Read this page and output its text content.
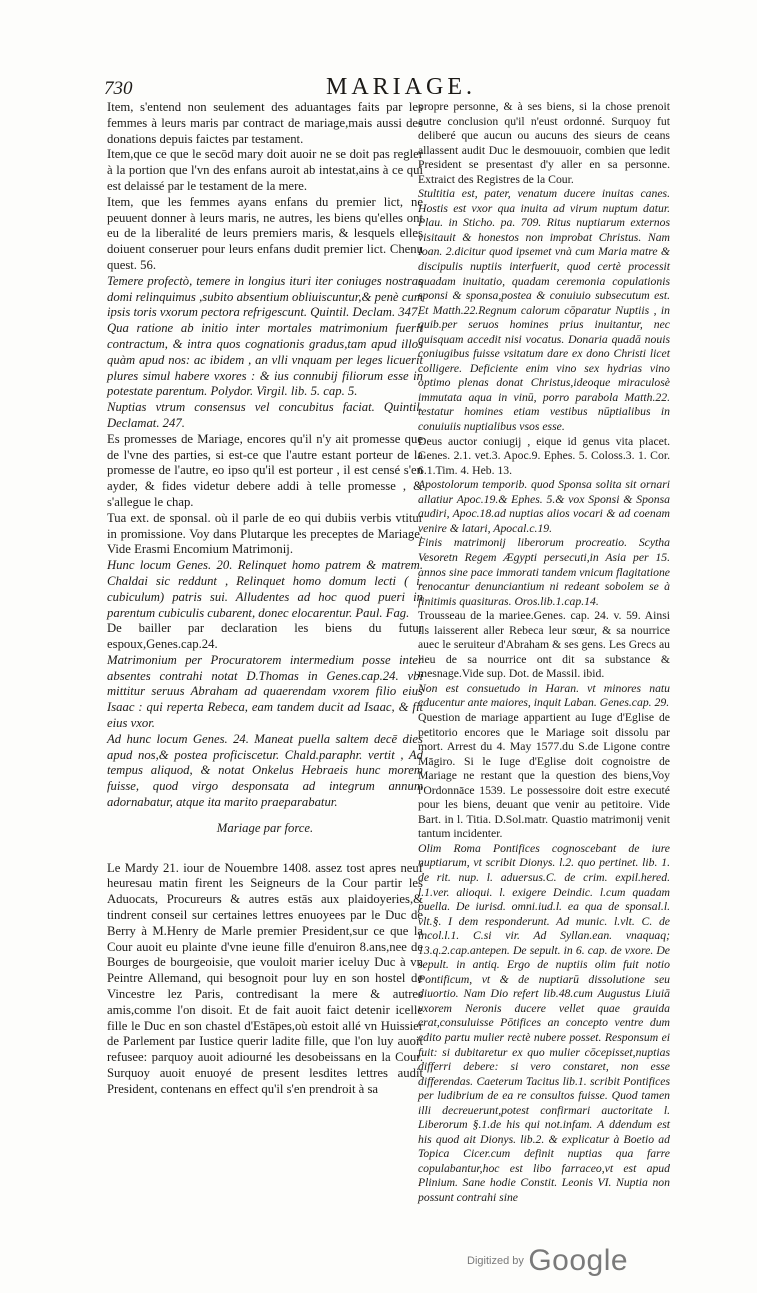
730	MARIAGE.

Item, s'entend non seulement des aduantages faits par les femmes à leurs maris par contract de mariage,mais aussi des donations depuis faictes par testament.

Item,que ce que le secōd mary doit auoir ne se doit pas regler à la portion que l'vn des enfans auroit ab intestat,ains à ce qui est delaissé par le testament de la mere.

Item, que les femmes ayans enfans du premier lict, ne peuuent donner à leurs maris, ne autres, les biens qu'elles ont eu de la liberalité de leurs premiers maris, & lesquels elles doiuent conseruer pour leurs enfans dudit premier lict. Chenu quest. 56.

Temere profectò, temere in longius ituri iter coniuges nostras domi relinquimus ,subito absentium obliuiscuntur,& penè cum ipsis toris vxorum pectora refrigescunt. Quintil. Declam. 347.

Qua ratione ab initio inter mortales matrimonium fuerit contractum, & intra quos cognationis gradus,tam apud illos quàm apud nos: ac ibidem , an vlli vnquam per leges licuerit plures simul habere vxores : & ius connubij filiorum esse in potestate parentum. Polydor. Virgil. lib. 5. cap. 5.

Nuptias vtrum consensus vel concubitus faciat. Quintil. Declamat. 247.

Es promesses de Mariage, encores qu'il n'y ait promesse que de l'vne des parties, si est-ce que l'autre estant porteur de la promesse de l'autre, eo ipso qu'il est porteur , il est censé s'en ayder, & fides videtur debere addi à telle promesse , & s'allegue le chap.

Tua ext. de sponsal. où il parle de eo qui dubiis verbis vtitur in promissione. Voy dans Plutarque les preceptes de Mariage. Vide Erasmi Encomium Matrimonij.

Hunc locum Genes. 20. Relinquet homo patrem & matrem. Chaldai sic reddunt , Relinquet homo domum lecti ( i. cubiculum) patris sui. Alludentes ad hoc quod pueri in parentum cubiculis cubarent, donec elocarentur. Paul. Fag.

De bailler par declaration les biens du futur espoux,Genes.cap.24.

Matrimonium per Procuratorem intermedium posse inter absentes contrahi notat D.Thomas in Genes.cap.24. vbi mittitur seruus Abraham ad quaerendam vxorem filio eius Isaac : qui reperta Rebeca, eam tandem ducit ad Isaac, & fit eius vxor.

Ad hunc locum Genes. 24. Maneat puella saltem decē dies apud nos,& postea proficiscetur. Chald.paraphr. vertit , Ad tempus aliquod, & notat Onkelus Hebraeis hunc morem fuisse, quod virgo desponsata ad integrum annum adornabatur, atque ita marito praeparabatur.

Mariage par force.

Le Mardy 21. iour de Nouembre 1408. assez tost apres neuf heuresau matin firent les Seigneurs de la Cour partir les Aduocats, Procureurs & autres estās aux plaidoyeries,& tindrent conseil sur certaines lettres enuoyees par le Duc de Berry à M.Henry de Marle premier President,sur ce que la Cour auoit eu plainte d'vne ieune fille d'enuiron 8.ans,nee de Bourges de bourgeoisie, que vouloit marier iceluy Duc à vn Peintre Allemand, qui besognoit pour luy en son hostel de Vincestre lez Paris, contredisant la mere & autres amis,comme l'on disoit. Et de fait auoit faict detenir icelle fille le Duc en son chastel d'Estāpes,où estoit allé vn Huissier de Parlement par Iustice querir ladite fille, que l'on luy auoit refusee: parquoy auoit adiourné les desobeissans en la Cour. Surquoy auoit enuoyé de present lesdites lettres audit President, contenans en effect qu'il s'en prendroit à sa

propre personne, & à ses biens, si la chose prenoit autre conclusion qu'il n'eust ordonné. Surquoy fut deliberé que aucun ou aucuns des sieurs de ceans allassent audit Duc le desmouuoir, combien que ledit President se presentast d'y aller en sa personne. Extraict des Registres de la Cour.

Stultitia est, pater, venatum ducere inuitas canes. Hostis est vxor qua inuita ad virum nuptum datur. Plau. in Sticho. pa. 709. Ritus nuptiarum externos visitauit & honestos non improbat Christus. Nam Ioan. 2.dicitur quod ipsemet vnà cum Maria matre & discipulis nuptiis interfuerit, quod certè processit quadam inuitatio, quadam ceremonia copulationis sponsi & sponsa,postea & conuiuio subsecutum est. Et Matth.22.Regnum calorum cōparatur Nuptiis , in quib.per seruos homines prius inuitantur, nec quisquam accedit nisi vocatus. Donaria quadā nouis coniugibus fuisse vsitatum dare ex dono Christi licet colligere. Deficiente enim vino sex hydrias vino optimo plenas donat Christus,ideoque miraculosè immutata aqua in vinū, porro parabola Matth.22. testatur homines etiam vestibus nūptialibus in conuiuiis nuptialibus vsos esse.

Deus auctor coniugij , eique id genus vita placet. Genes. 2.1. vet.3. Apoc.9. Ephes. 5. Coloss.3. 1. Cor. 6.1.Tim. 4. Heb. 13.

Apostolorum temporib. quod Sponsa solita sit ornari allatiur Apoc.19.& Ephes. 5.& vox Sponsi & Sponsa audiri, Apoc.18.ad nuptias alios vocari & ad coenam venire & latari, Apocal.c.19.

Finis matrimonij liberorum procreatio. Scytha Vesoretn Regem Ægypti persecuti,in Asia per 15. annos sine pace immorati tandem vnicum flagitatione renocantur denunciantium ni redeant sobolem se à finitimis quasituras. Oros.lib.1.cap.14.

Trousseau de la mariee.Genes. cap. 24. v. 59. Ainsi ils laisserent aller Rebeca leur sœur, & sa nourrice auec le seruiteur d'Abraham & ses gens. Les Grecs au lieu de sa nourrice ont dit sa substance & mesnage.Vide sup. Dot. de Massil. ibid.

Non est consuetudo in Haran. vt minores natu educentur ante maiores, inquit Laban. Genes.cap. 29.

Question de mariage appartient au Iuge d'Eglise de petitorio encores que le Mariage soit dissolu par mort. Arrest du 4. May 1577.du S.de Ligone contre Māgiro. Si le Iuge d'Eglise doit cognoistre de Mariage ne restant que la question des biens,Voy l'Ordonnāce 1539. Le possessoire doit estre executé pour les biens, deuant que venir au petitoire. Vide Bart. in l. Titia. D.Sol.matr. Quastio matrimonij venit tantum incidenter.

Olim Roma Pontifices cognoscebant de iure nuptiarum, vt scribit Dionys. l.2. quo pertinet. lib. 1. de rit. nup. l. aduersus.C. de crim. expil.hered. l.1.ver. alioqui. l. exigere Deindic. l.cum quadam puella. De iurisd. omni.iud.l. ea qua de sponsal.l. vlt.§. I dem responderunt. Ad munic. l.vlt. C. de incol.l.1. C.si vir. Ad Syllan.ean. vnaquaq; 13.q.2.cap.antepen. De sepult. in 6. cap. de vxore. De sepult. in antiq. Ergo de nuptiis olim fuit notio Pontificum, vt & de nuptiarū dissolutione seu diuortio. Nam Dio refert lib.48.cum Augustus Liuiā vxorem Neronis ducere vellet quae grauida erat,consuluisse Pōtifices an concepto ventre dum edito partu mulier rectè nubere posset. Responsum ei fuit: si dubitaretur ex quo mulier cōcepisset,nuptias differri debere: si vero constaret, non esse differendas. Caeterum Tacitus lib.1. scribit Pontifices per ludibrium de ea re consultos fuisse. Quod tamen illi decreuerunt,potest confirmari auctoritate l. Liberorum §.1.de his qui not.infam. A ddendum est his quod ait Dionys. lib.2. & explicatur à Boetio ad Topica Cicer.cum definit nuptias qua farre copulabantur,hoc est libo farraceo,vt est apud Plinium. Sane hodie Constit. Leonis VI. Nuptia non possunt contrahi sine

Digitized by Google
